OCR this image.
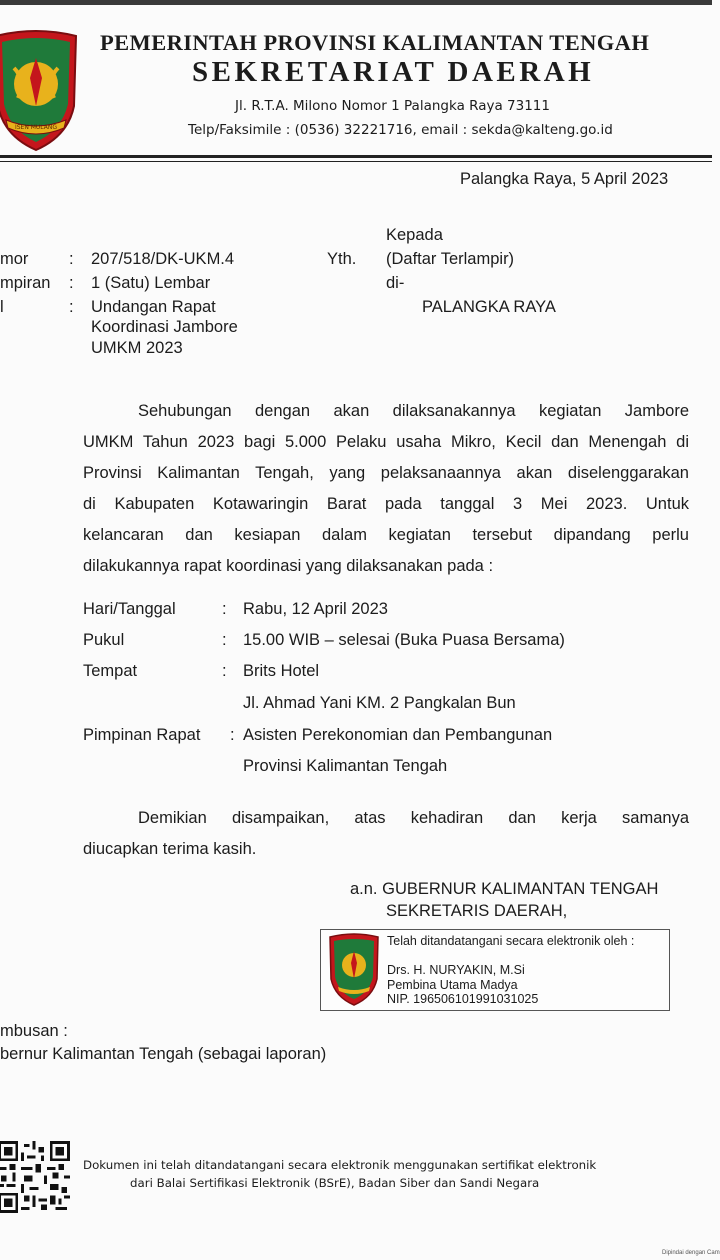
ISEN MULANG
PEMERINTAH PROVINSI KALIMANTAN TENGAH
SEKRETARIAT DAERAH
Jl. R.T.A. Milono Nomor 1 Palangka Raya 73111
Telp/Faksimile : (0536) 32221716, email : sekda@kalteng.go.id
Palangka Raya, 5 April 2023
mor : 207/518/DK-UKM.4
mpiran : 1 (Satu) Lembar
l	: Undangan Rapat
Koordinasi Jambore
UMKM 2023
Kepada
Yth. (Daftar Terlampir)
di-
PALANGKA RAYA
Sehubungan dengan akan dilaksanakannya kegiatan Jambore
UMKM Tahun 2023 bagi 5.000 Pelaku usaha Mikro, Kecil dan Menengah di
Provinsi Kalimantan Tengah, yang pelaksanaannya akan diselenggarakan
di Kabupaten Kotawaringin Barat pada tanggal 3 Mei 2023. Untuk
kelancaran dan kesiapan dalam kegiatan tersebut dipandang perlu
dilakukannya rapat koordinasi yang dilaksanakan pada :
Hari/Tanggal	: Rabu, 12 April 2023
Pukul	: 15.00 WIB – selesai (Buka Puasa Bersama)
Tempat	: Brits Hotel
Jl. Ahmad Yani KM. 2 Pangkalan Bun
Pimpinan Rapat : Asisten Perekonomian dan Pembangunan
Provinsi Kalimantan Tengah
Demikian disampaikan, atas kehadiran dan kerja samanya
diucapkan terima kasih.
a.n. GUBERNUR KALIMANTAN TENGAH
SEKRETARIS DAERAH,
Telah ditandatangani secara elektronik oleh :
Drs. H. NURYAKIN, M.Si
Pembina Utama Madya
NIP. 196506101991031025
mbusan :
bernur Kalimantan Tengah (sebagai laporan)
Dokumen ini telah ditandatangani secara elektronik menggunakan sertifikat elektronik
dari Balai Sertifikasi Elektronik (BSrE), Badan Siber dan Sandi Negara
Dipindai dengan Cam
